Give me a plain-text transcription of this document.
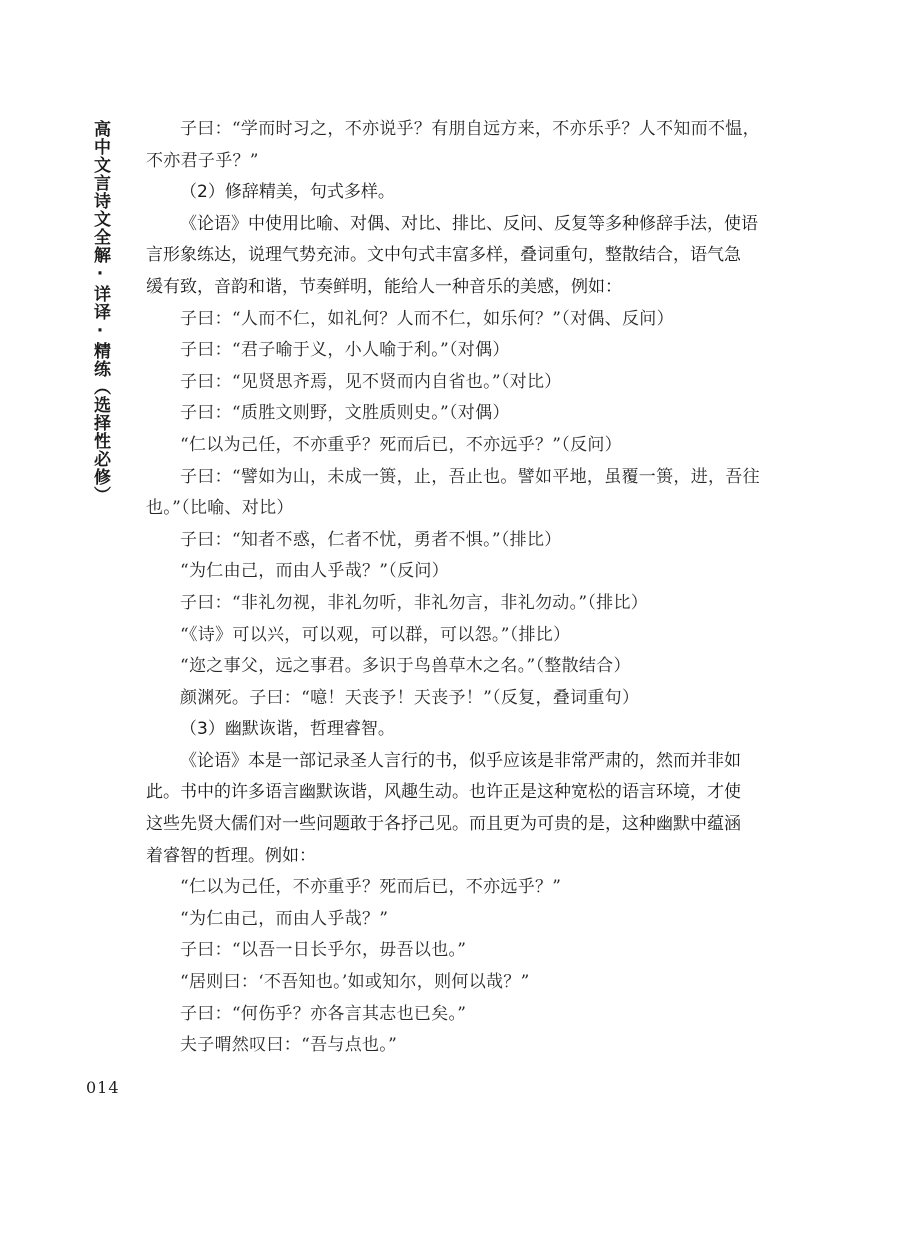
高中文言诗文全解·详译·精练（选择性必修）	子曰：“学而时习之，不亦说乎？有朋自远方来，不亦乐乎？人不知而不愠，

不亦君子乎？”

（2）修辞精美，句式多样。

《论语》中使用比喻、对偶、对比、排比、反问、反复等多种修辞手法，使语

言形象练达，说理气势充沛。文中句式丰富多样，叠词重句，整散结合，语气急

缓有致，音韵和谐，节奏鲜明，能给人一种音乐的美感，例如：

子曰：“人而不仁，如礼何？人而不仁，如乐何？”（对偶、反问）

子曰：“君子喻于义，小人喻于利。”（对偶）

子曰：“见贤思齐焉，见不贤而内自省也。”（对比）

子曰：“质胜文则野，文胜质则史。”（对偶）

“仁以为己任，不亦重乎？死而后已，不亦远乎？”（反问）

子曰：“譬如为山，未成一篑，止，吾止也。譬如平地，虽覆一篑，进，吾往

也。”（比喻、对比）

子曰：“知者不惑，仁者不忧，勇者不惧。”（排比）

“为仁由己，而由人乎哉？”（反问）

子曰：“非礼勿视，非礼勿听，非礼勿言，非礼勿动。”（排比）

“《诗》可以兴，可以观，可以群，可以怨。”（排比）

“迩之事父，远之事君。多识于鸟兽草木之名。”（整散结合）

颜渊死。子曰：“噫！天丧予！天丧予！”（反复，叠词重句）

（3）幽默诙谐，哲理睿智。

《论语》本是一部记录圣人言行的书，似乎应该是非常严肃的，然而并非如

此。书中的许多语言幽默诙谐，风趣生动。也许正是这种宽松的语言环境，才使

这些先贤大儒们对一些问题敢于各抒己见。而且更为可贵的是，这种幽默中蕴涵

着睿智的哲理。例如：

“仁以为己任，不亦重乎？死而后已，不亦远乎？”

“为仁由己，而由人乎哉？”

子曰：“以吾一日长乎尔，毋吾以也。”

“居则曰：‘不吾知也。’如或知尔，则何以哉？”

子曰：“何伤乎？亦各言其志也已矣。”

夫子喟然叹曰：“吾与点也。”

014
